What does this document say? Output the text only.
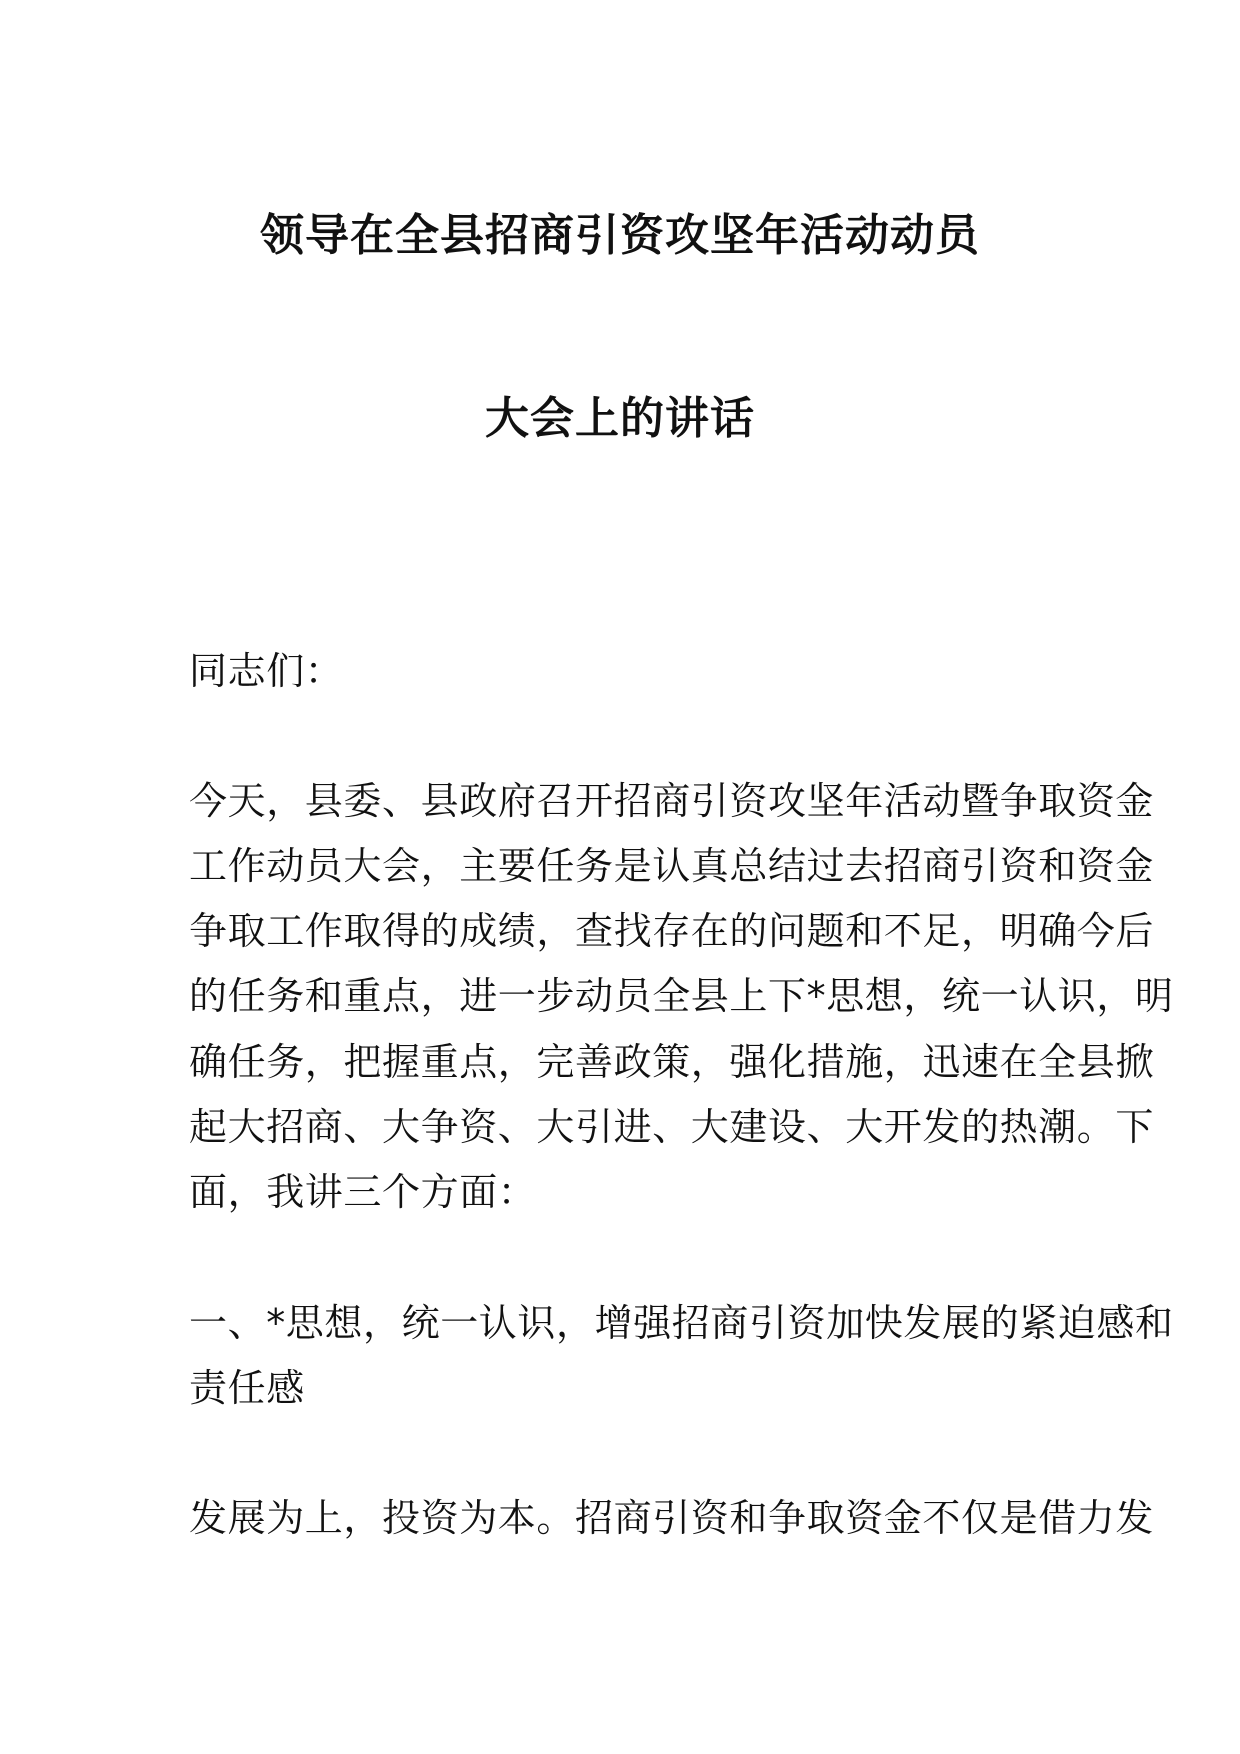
领导在全县招商引资攻坚年活动动员
大会上的讲话
同志们：
今天，县委、县政府召开招商引资攻坚年活动暨争取资金
工作动员大会，主要任务是认真总结过去招商引资和资金
争取工作取得的成绩，查找存在的问题和不足，明确今后
的任务和重点，进一步动员全县上下*思想，统一认识，明
确任务，把握重点，完善政策，强化措施，迅速在全县掀
起大招商、大争资、大引进、大建设、大开发的热潮。下
面，我讲三个方面：
一、*思想，统一认识，增强招商引资加快发展的紧迫感和
责任感
发展为上，投资为本。招商引资和争取资金不仅是借力发
